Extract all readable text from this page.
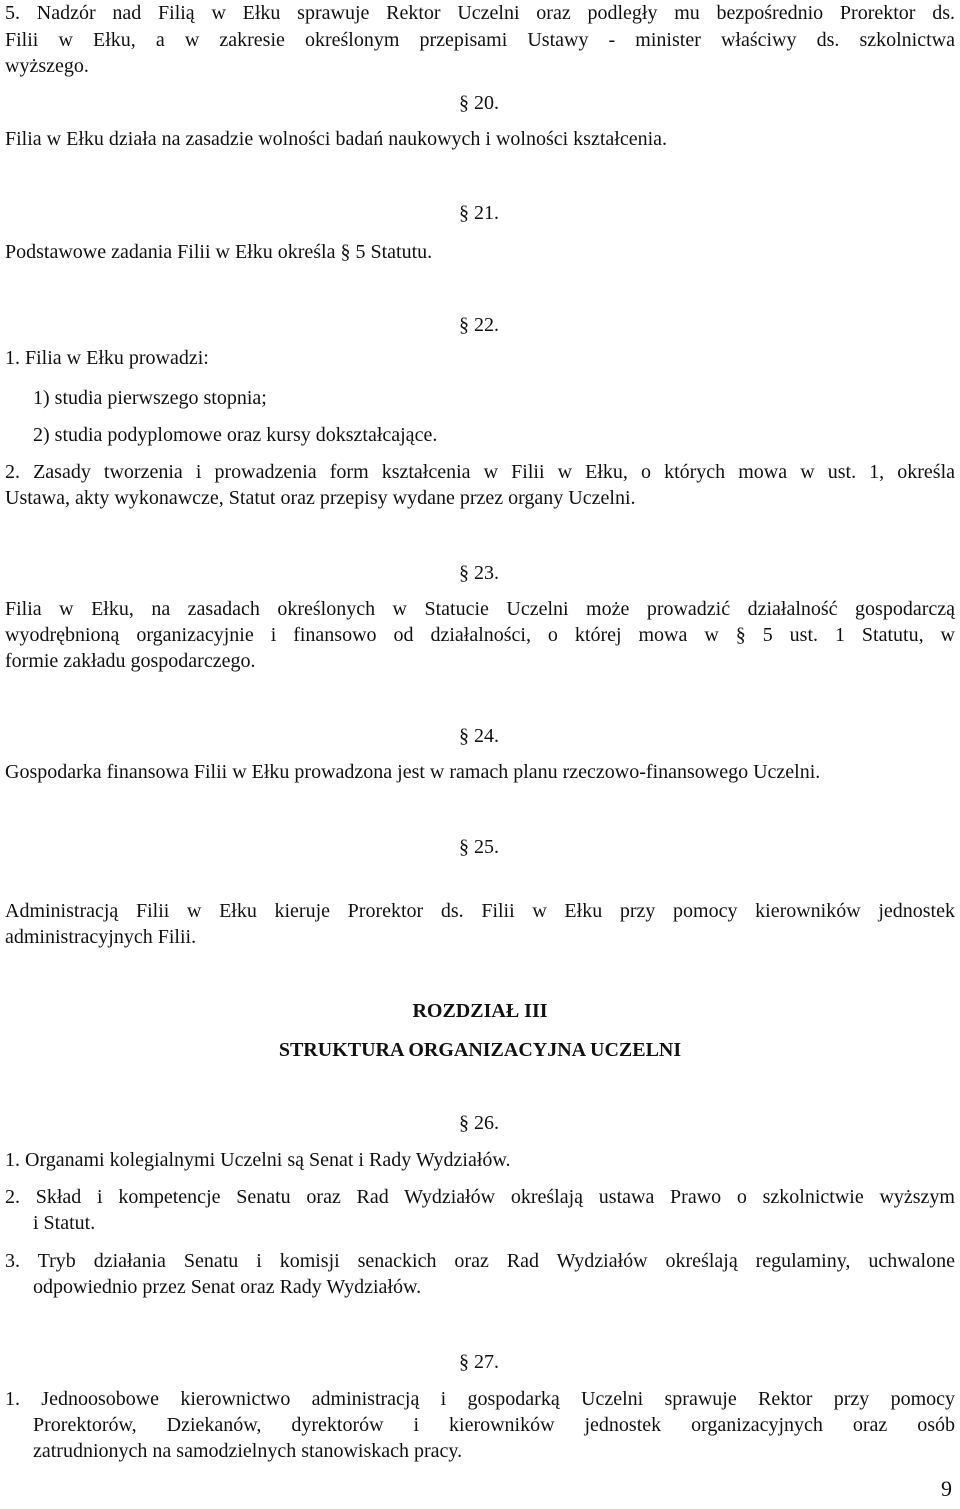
5. Nadzór nad Filią w Ełku sprawuje Rektor Uczelni oraz podległy mu bezpośrednio Prorektor ds.
Filii w Ełku, a w zakresie określonym przepisami Ustawy - minister właściwy ds. szkolnictwa
wyższego.
§ 20.
Filia w Ełku działa na zasadzie wolności badań naukowych i wolności kształcenia.
§ 21.
Podstawowe zadania Filii w Ełku określa § 5 Statutu.
§ 22.
1. Filia w Ełku prowadzi:
1) studia pierwszego stopnia;
2) studia podyplomowe oraz kursy dokształcające.
2. Zasady tworzenia i prowadzenia form kształcenia w Filii w Ełku, o których mowa w ust. 1, określa
Ustawa, akty wykonawcze, Statut oraz przepisy wydane przez organy Uczelni.
§ 23.
Filia w Ełku, na zasadach określonych w Statucie Uczelni może prowadzić działalność gospodarczą
wyodrębnioną organizacyjnie i finansowo od działalności, o której mowa w § 5 ust. 1 Statutu, w
formie zakładu gospodarczego.
§ 24.
Gospodarka finansowa Filii w Ełku prowadzona jest w ramach planu rzeczowo-finansowego Uczelni.
§ 25.
Administracją Filii w Ełku kieruje Prorektor ds. Filii w Ełku przy pomocy kierowników jednostek
administracyjnych Filii.
ROZDZIAŁ III
STRUKTURA ORGANIZACYJNA UCZELNI
§ 26.
1. Organami kolegialnymi Uczelni są Senat i Rady Wydziałów.
2. Skład i kompetencje Senatu oraz Rad Wydziałów określają ustawa Prawo o szkolnictwie wyższym
i Statut.
3. Tryb działania Senatu i komisji senackich oraz Rad Wydziałów określają regulaminy, uchwalone
odpowiednio przez Senat oraz Rady Wydziałów.
§ 27.
1. Jednoosobowe kierownictwo administracją i gospodarką Uczelni sprawuje Rektor przy pomocy
Prorektorów, Dziekanów, dyrektorów i kierowników jednostek organizacyjnych oraz osób
zatrudnionych na samodzielnych stanowiskach pracy.
9
